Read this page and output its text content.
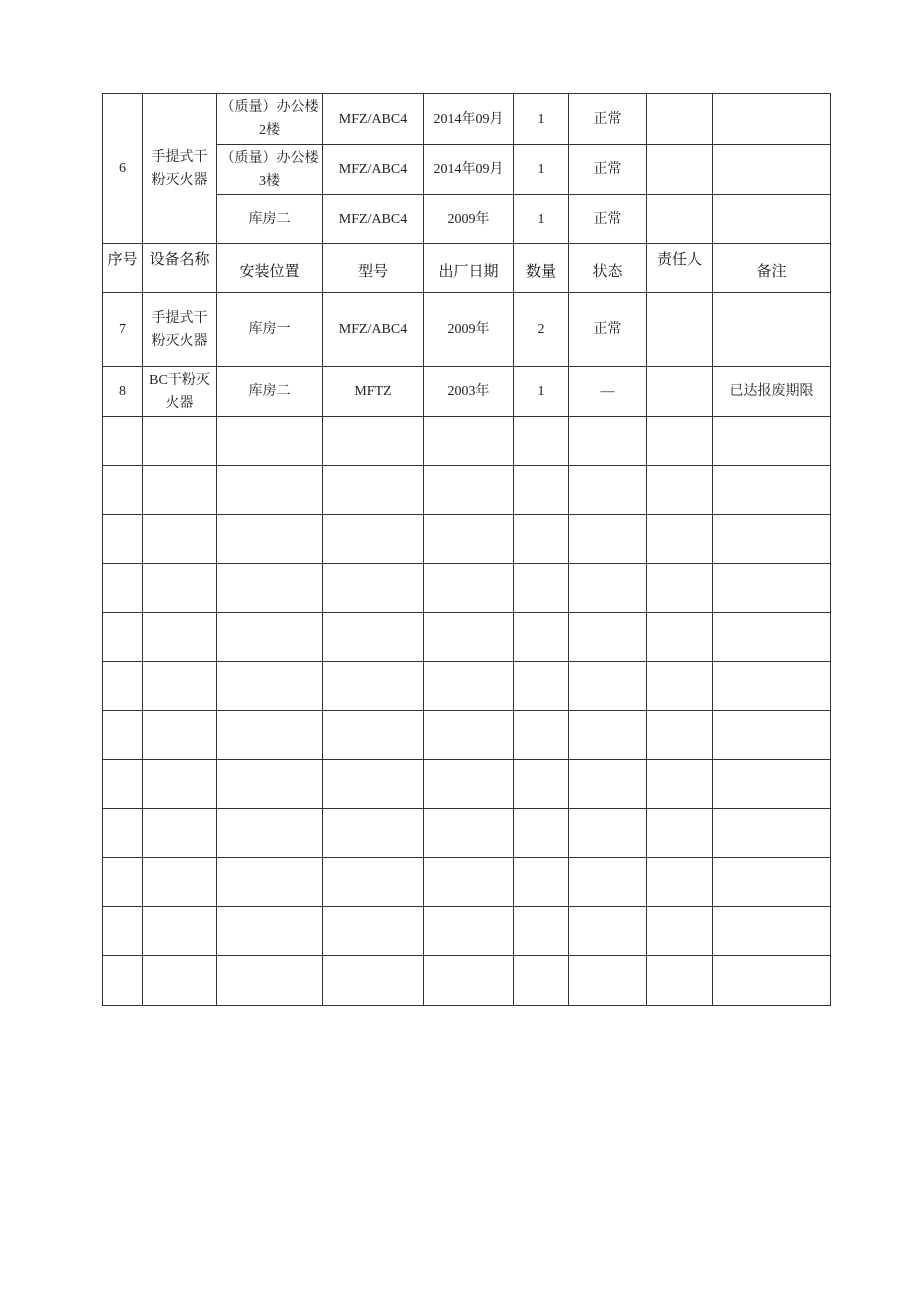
6	手提式干粉灭火器	（质量）办公楼2楼	MFZ/ABC4	2014年09月	1	正常		
		（质量）办公楼3楼	MFZ/ABC4	2014年09月	1	正常		
		库房二	MFZ/ABC4	2009年	1	正常		
序号	设备名称	安装位置	型号	出厂日期	数量	状态	责任人	备注
7	手提式干粉灭火器	库房一	MFZ/ABC4	2009年	2	正常		
8	BC干粉灭火器	库房二	MFTZ	2003年	1	—		已达报废期限
